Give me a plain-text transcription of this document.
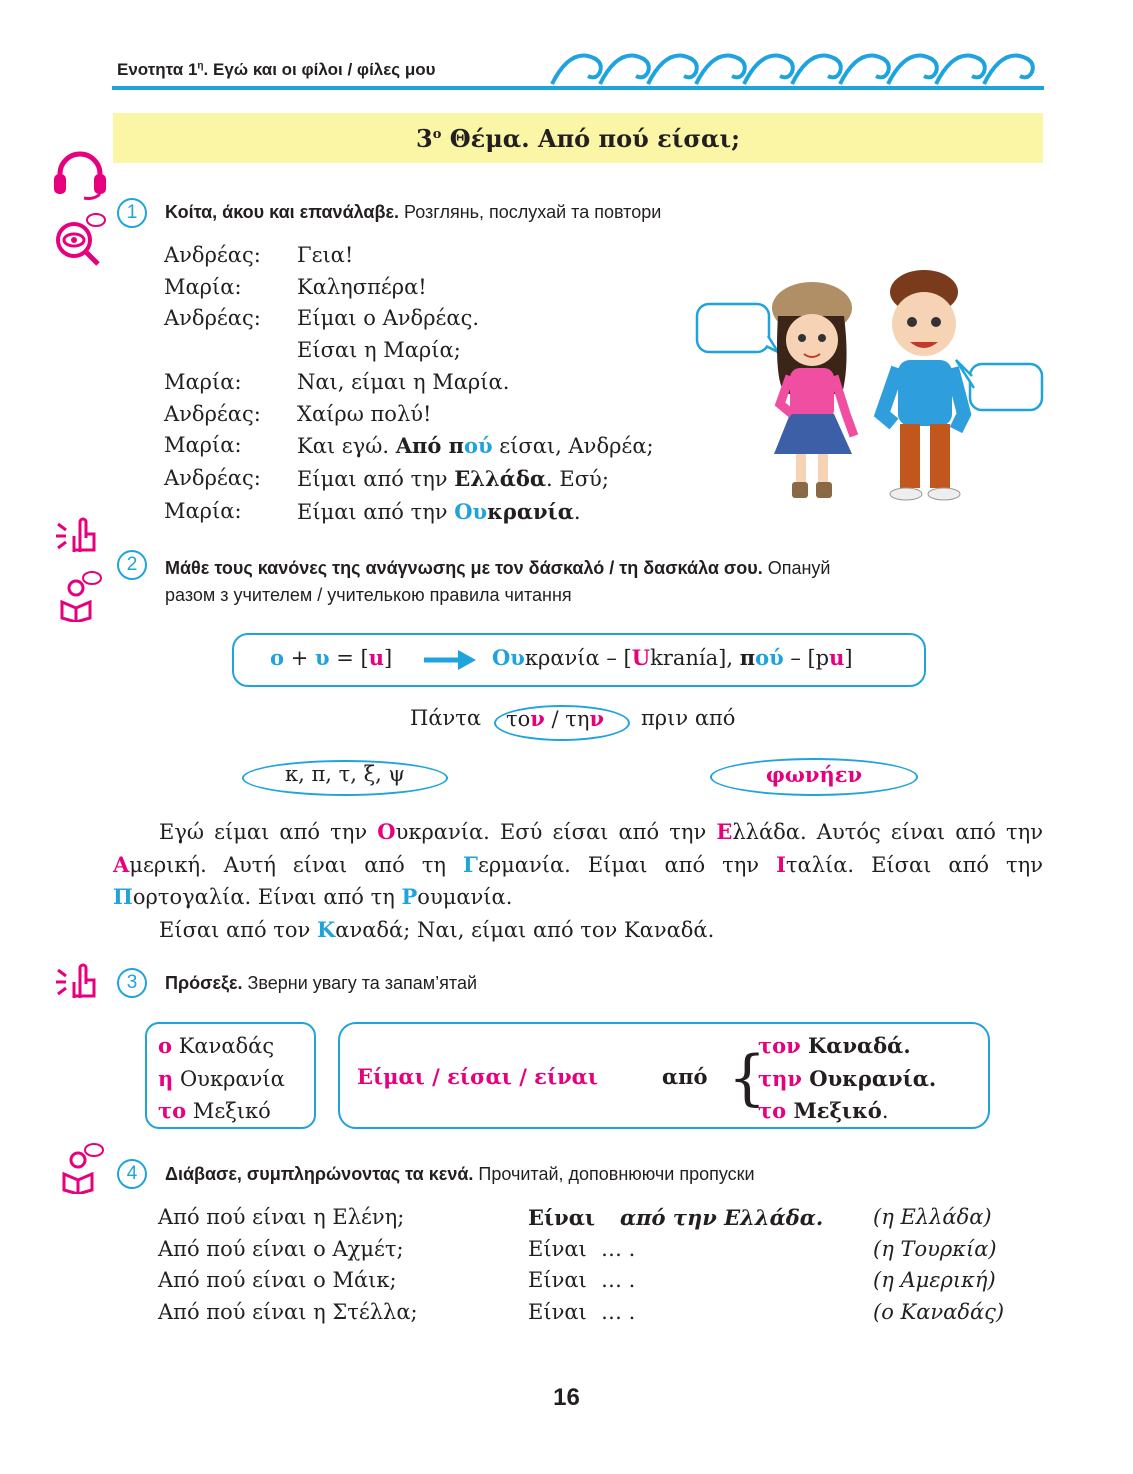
Ενοτητα $1^\eta$. Εγώ και οι φίλοι / φίλες μου
$3^o$ Θέμα. Από πού είσαι;
1	Κοίτα, άκου και επανάλαβε. Розглянь, послухай та повтори
Ανδρέας:	Γεια!
Μαρία:	Καλησπέρα!
Ανδρέας:	Είμαι ο Ανδρέας.
Είσαι η Μαρία;
Μαρία:	Ναι, είμαι η Μαρία.
Ανδρέας:	Χαίρω πολύ!
Μαρία:	Και εγώ. Από πού είσαι, Ανδρέα;
Ανδρέας:	Είμαι από την Ελλάδα. Εσύ;
Μαρία:	Είμαι από την Ουκρανία.
2	Μάθε τους κανόνες της ανάγνωσης με τον δάσκαλό / τη δασκάλα σου. Опануй
разом з учителем / учителькою правила читання
ο + υ = [u]	Ουκρανία – [Ukranía], πού – [pu]
Πάντα τον / την πριν από
κ, π, τ, ξ, ψ	φωνήεν

Εγώ είμαι από την Ουκρανία. Εσύ είσαι από την Ελλάδα. Αυτός είναι από την Αμερική. Αυτή είναι από τη Γερμανία. Είμαι από την Ιταλία. Είσαι από την Πορτογαλία. Είναι από τη Ρουμανία.

Είσαι από τον Καναδά; Ναι, είμαι από τον Καναδά.

3	Πρόσεξε. Зверни увагу та запам’ятай
ο Καναδάς
η Ουκρανία
το Μεξικό
Είμαι / είσαι / είναι	από {
τον Καναδά.
την Ουκρανία.
το Μεξικό.
4	Διάβασε, συμπληρώνοντας τα κενά. Прочитай, доповнюючи пропуски
Από πού είναι η Ελένη;	Είναι από την Ελλάδα. (η Ελλάδα)
Από πού είναι ο Αχμέτ;	Είναι … .	(η Τουρκία)
Από πού είναι ο Μάικ;	Είναι … .	(η Αμερική)
Από πού είναι η Στέλλα;	Είναι … .	(ο Καναδάς)
16
